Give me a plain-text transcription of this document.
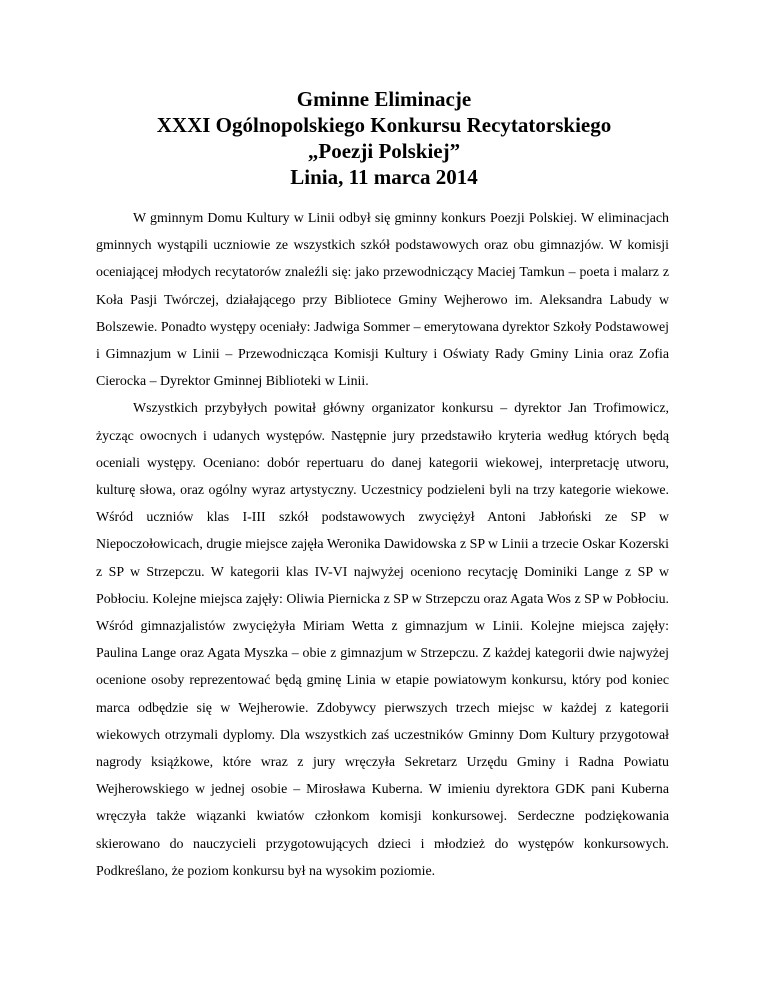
Gminne Eliminacje
XXXI Ogólnopolskiego Konkursu Recytatorskiego
„Poezji Polskiej”
Linia, 11 marca 2014

W gminnym Domu Kultury w Linii odbył się gminny konkurs Poezji Polskiej. W eliminacjach gminnych wystąpili uczniowie ze wszystkich szkół podstawowych oraz obu gimnazjów. W komisji oceniającej młodych recytatorów znaleźli się: jako przewodniczący Maciej Tamkun – poeta i malarz z Koła Pasji Twórczej, działającego przy Bibliotece Gminy Wejherowo im. Aleksandra Labudy w Bolszewie. Ponadto występy oceniały: Jadwiga Sommer – emerytowana dyrektor Szkoły Podstawowej i Gimnazjum w Linii – Przewodnicząca Komisji Kultury i Oświaty Rady Gminy Linia oraz Zofia Cierocka – Dyrektor Gminnej Biblioteki w Linii.

Wszystkich przybyłych powitał główny organizator konkursu – dyrektor Jan Trofimowicz, życząc owocnych i udanych występów. Następnie jury przedstawiło kryteria według których będą oceniali występy. Oceniano: dobór repertuaru do danej kategorii wiekowej, interpretację utworu, kulturę słowa, oraz ogólny wyraz artystyczny. Uczestnicy podzieleni byli na trzy kategorie wiekowe. Wśród uczniów klas I-III szkół podstawowych zwyciężył Antoni Jabłoński ze SP w Niepoczołowicach, drugie miejsce zajęła Weronika Dawidowska z SP w Linii a trzecie Oskar Kozerski z SP w Strzepczu. W kategorii klas IV-VI najwyżej oceniono recytację Dominiki Lange z SP w Pobłociu. Kolejne miejsca zajęły: Oliwia Piernicka z SP w Strzepczu oraz Agata Wos z SP w Pobłociu. Wśród gimnazjalistów zwyciężyła Miriam Wetta z gimnazjum w Linii. Kolejne miejsca zajęły: Paulina Lange oraz Agata Myszka – obie z gimnazjum w Strzepczu. Z każdej kategorii dwie najwyżej ocenione osoby reprezentować będą gminę Linia w etapie powiatowym konkursu, który pod koniec marca odbędzie się w Wejherowie. Zdobywcy pierwszych trzech miejsc w każdej z kategorii wiekowych otrzymali dyplomy. Dla wszystkich zaś uczestników Gminny Dom Kultury przygotował nagrody książkowe, które wraz z jury wręczyła Sekretarz Urzędu Gminy i Radna Powiatu Wejherowskiego w jednej osobie – Mirosława Kuberna. W imieniu dyrektora GDK pani Kuberna wręczyła także wiązanki kwiatów członkom komisji konkursowej. Serdeczne podziękowania skierowano do nauczycieli przygotowujących dzieci i młodzież do występów konkursowych. Podkreślano, że poziom konkursu był na wysokim poziomie.
